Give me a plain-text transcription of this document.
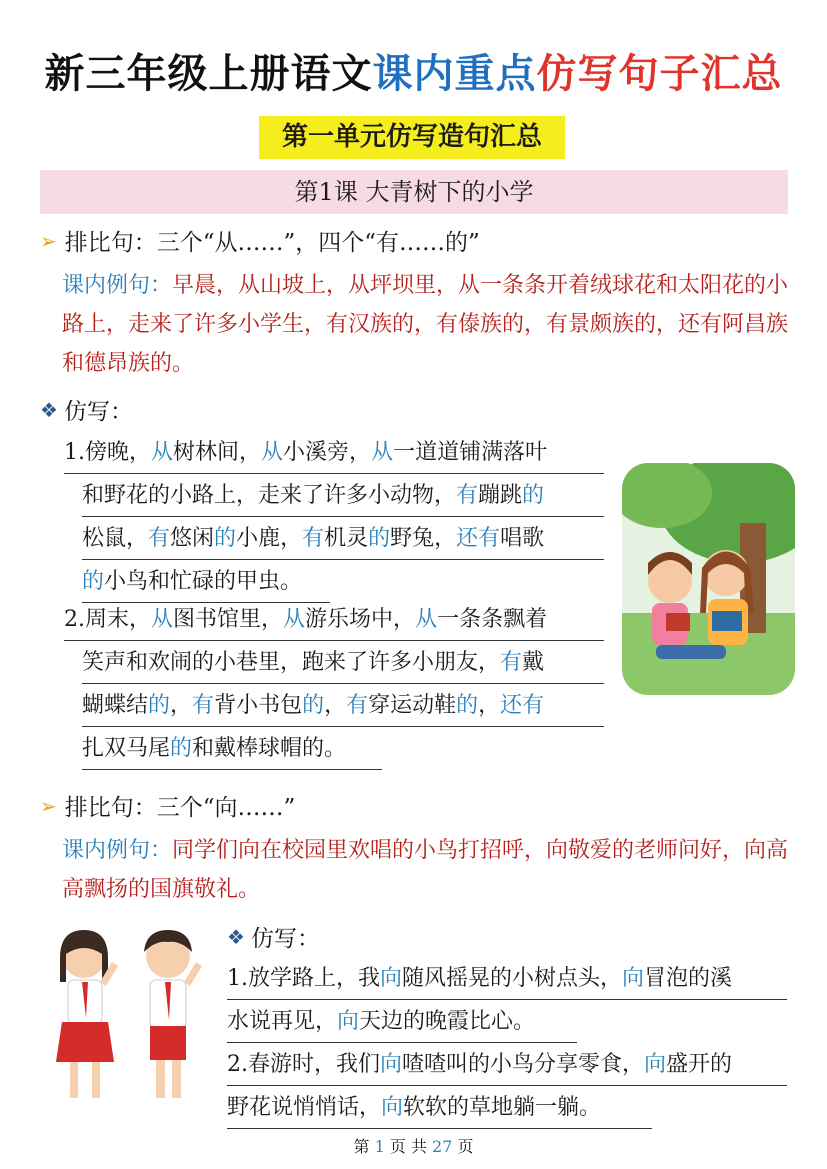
新三年级上册语文课内重点仿写句子汇总
第一单元仿写造句汇总
第1课 大青树下的小学
➢ 排比句：三个“从……”，四个“有……的”
课内例句：早晨，从山坡上，从坪坝里，从一条条开着绒球花和太阳花的小路上，走来了许多小学生，有汉族的，有傣族的，有景颇族的，还有阿昌族和德昂族的。
❖ 仿写：
1.傍晚，从树林间，从小溪旁，从一道道铺满落叶
和野花的小路上，走来了许多小动物，有蹦跳的
松鼠，有悠闲的小鹿，有机灵的野兔，还有唱歌
的小鸟和忙碌的甲虫。
2.周末，从图书馆里，从游乐场中，从一条条飘着
笑声和欢闹的小巷里，跑来了许多小朋友，有戴
蝴蝶结的，有背小书包的，有穿运动鞋的，还有
扎双马尾的和戴棒球帽的。
➢ 排比句：三个“向……”
课内例句：同学们向在校园里欢唱的小鸟打招呼，向敬爱的老师问好，向高高飘扬的国旗敬礼。
❖ 仿写：
1.放学路上，我向随风摇晃的小树点头，向冒泡的溪
水说再见，向天边的晚霞比心。
2.春游时，我们向喳喳叫的小鸟分享零食，向盛开的
野花说悄悄话，向软软的草地躺一躺。
第 1 页 共 27 页
